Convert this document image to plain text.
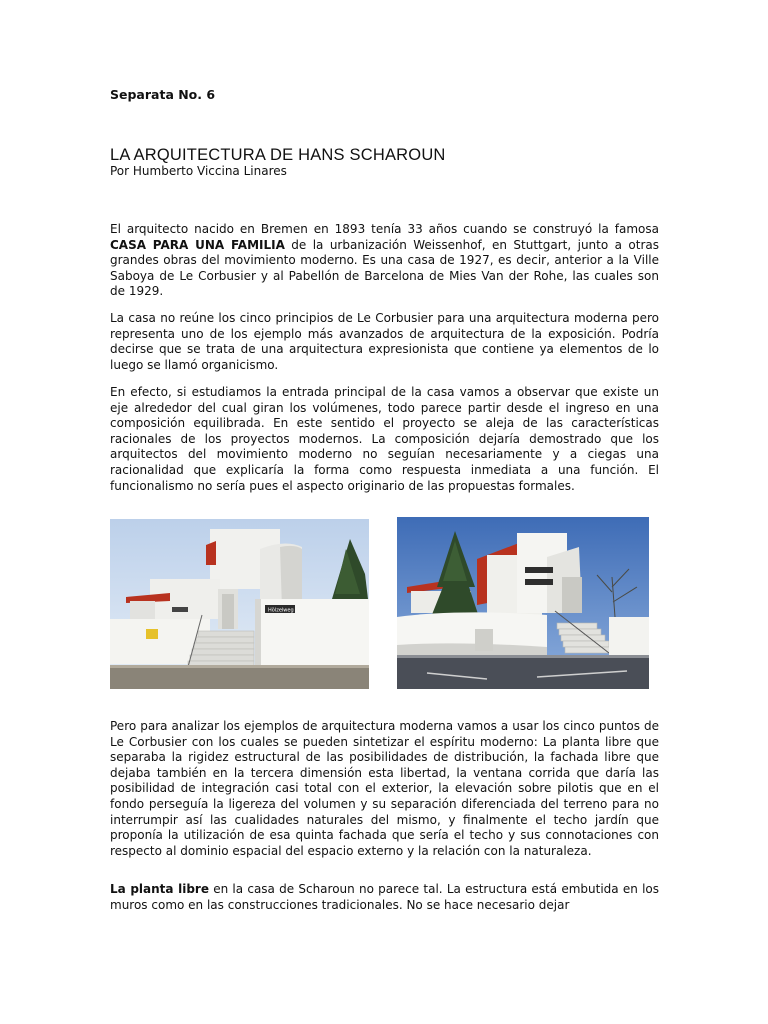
Separata No. 6
LA ARQUITECTURA DE HANS SCHAROUN
Por Humberto Viccina Linares

El arquitecto nacido en Bremen en 1893 tenía 33 años cuando se construyó la famosa CASA PARA UNA FAMILIA de la urbanización Weissenhof, en Stuttgart, junto a otras grandes obras del movimiento moderno. Es una casa de 1927, es decir, anterior a la Ville Saboya de Le Corbusier y al Pabellón de Barcelona de Mies Van der Rohe, las cuales son de 1929.

La casa no reúne los cinco principios de Le Corbusier para una arquitectura moderna pero representa uno de los ejemplo más avanzados de arquitectura de la exposición. Podría decirse que se trata de una arquitectura expresionista que contiene ya elementos de lo luego se llamó organicismo.

En efecto, si estudiamos la entrada principal de la casa vamos a observar que existe un eje alrededor del cual giran los volúmenes, todo parece partir desde el ingreso en una composición equilibrada. En este sentido el proyecto se aleja de las características racionales de los proyectos modernos. La composición dejaría demostrado que los arquitectos del movimiento moderno no seguían necesariamente y a ciegas una racionalidad que explicaría la forma como respuesta inmediata a una función. El funcionalismo no sería pues el aspecto originario de las propuestas formales.

Hölzelweg

Pero para analizar los ejemplos de arquitectura moderna vamos a usar los cinco puntos de Le Corbusier con los cuales se pueden sintetizar el espíritu moderno: La planta libre que separaba la rigidez estructural de las posibilidades de distribución, la fachada libre que dejaba también en la tercera dimensión esta libertad, la ventana corrida que daría las posibilidad de integración casi total con el exterior, la elevación sobre pilotis que en el fondo perseguía la ligereza del volumen y su separación diferenciada del terreno para no interrumpir así las cualidades naturales del mismo, y finalmente el techo jardín que proponía la utilización de esa quinta fachada que sería el techo y sus connotaciones con respecto al dominio espacial del espacio externo y la relación con la naturaleza.

La planta libre en la casa de Scharoun no parece tal. La estructura está embutida en los muros como en las construcciones tradicionales. No se hace necesario dejar
